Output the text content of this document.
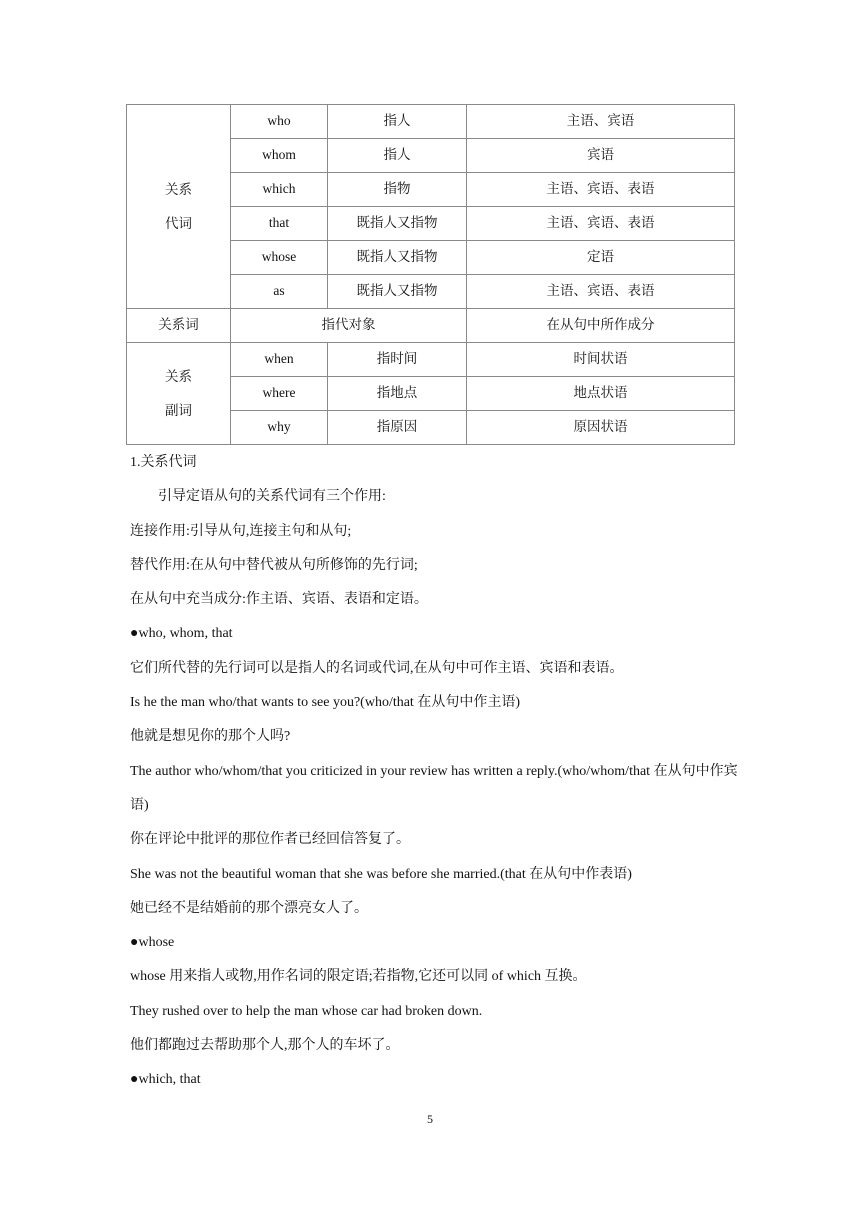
关系
代词	who	指人	主语、宾语
	whom	指人	宾语
	which	指物	主语、宾语、表语
	that	既指人又指物	主语、宾语、表语
	whose	既指人又指物	定语
	as	既指人又指物	主语、宾语、表语
关系词	指代对象		在从句中所作成分

关系
副词	when	指时间	时间状语
	where	指地点	地点状语
	why	指原因	原因状语
1.关系代词
引导定语从句的关系代词有三个作用:
连接作用:引导从句,连接主句和从句;
替代作用:在从句中替代被从句所修饰的先行词;
在从句中充当成分:作主语、宾语、表语和定语。
●who, whom, that
它们所代替的先行词可以是指人的名词或代词,在从句中可作主语、宾语和表语。
Is he the man who/that wants to see you?(who/that 在从句中作主语)
他就是想见你的那个人吗?
The author who/whom/that you criticized in your review has written a reply.(who/whom/that 在从句中作宾语)
你在评论中批评的那位作者已经回信答复了。
She was not the beautiful woman that she was before she married.(that 在从句中作表语)
她已经不是结婚前的那个漂亮女人了。
●whose
whose 用来指人或物,用作名词的限定语;若指物,它还可以同 of which 互换。
They rushed over to help the man whose car had broken down.
他们都跑过去帮助那个人,那个人的车坏了。
●which, that
5
